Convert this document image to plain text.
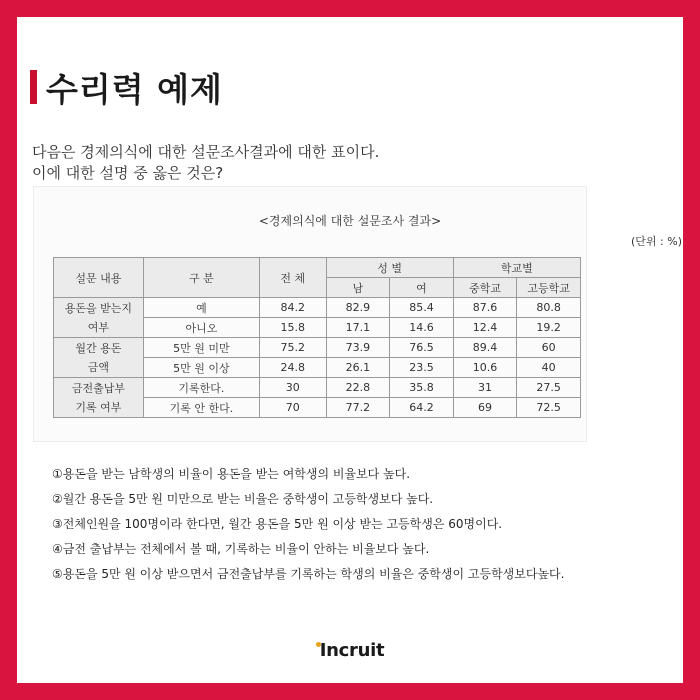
수리력 예제
다음은 경제의식에 대한 설문조사결과에 대한 표이다.
이에 대한 설명 중 옳은 것은?
<경제의식에 대한 설문조사 결과>
(단위 : %)
설문 내용	구 분	전 체	성 별		학교별	
			남	여	중학교	고등학교
용돈을 받는지	예	84.2	82.9	85.4	87.6	80.8
여부	아니오	15.8	17.1	14.6	12.4	19.2
월간 용돈	5만 원 미만	75.2	73.9	76.5	89.4	60
금액	5만 원 이상	24.8	26.1	23.5	10.6	40
금전출납부	기록한다.	30	22.8	35.8	31	27.5
기록 여부	기록 안 한다.	70	77.2	64.2	69	72.5
①용돈을 받는 남학생의 비율이 용돈을 받는 여학생의 비율보다 높다.
②월간 용돈을 5만 원 미만으로 받는 비율은 중학생이 고등학생보다 높다.
③전체인원을 100명이라 한다면, 월간 용돈을 5만 원 이상 받는 고등학생은 60명이다.
④금전 출납부는 전체에서 볼 때, 기록하는 비율이 안하는 비율보다 높다.
⑤용돈을 5만 원 이상 받으면서 금전출납부를 기록하는 학생의 비율은 중학생이 고등학생보다높다.
Incruit
